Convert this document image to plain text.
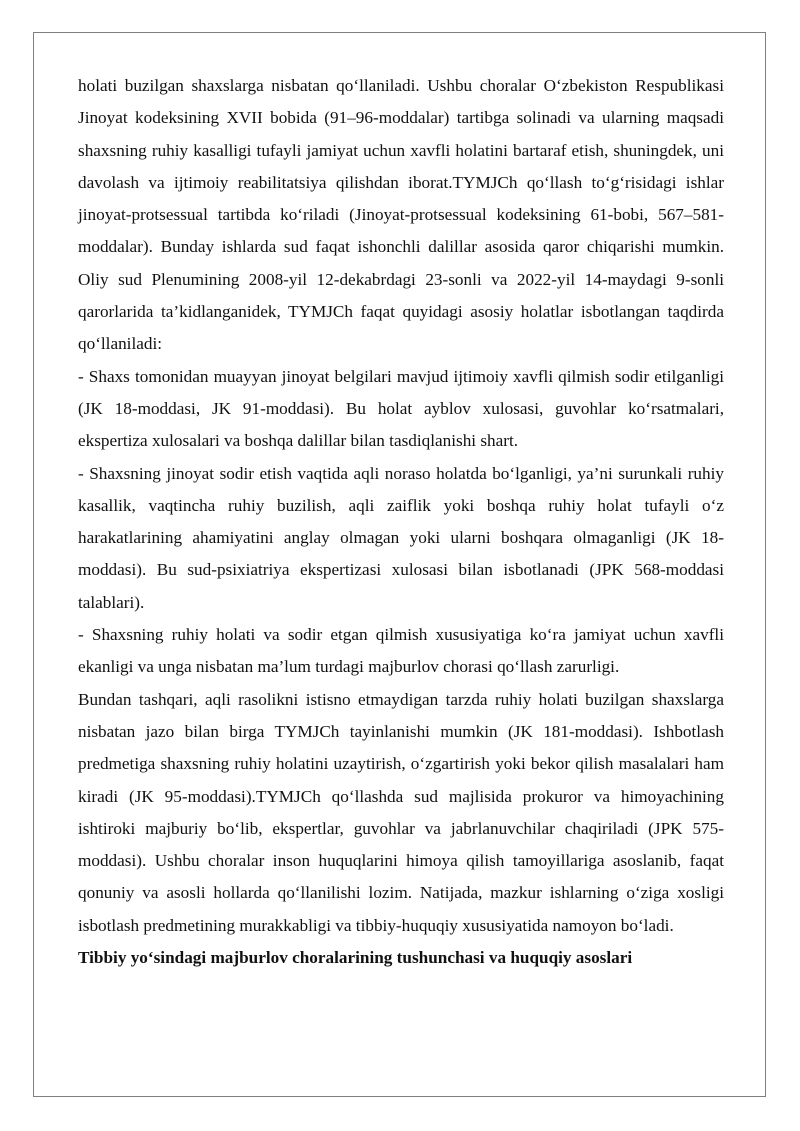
holati buzilgan shaxslarga nisbatan qo‘llaniladi. Ushbu choralar O‘zbekiston Respublikasi Jinoyat kodeksining XVII bobida (91–96-moddalar) tartibga solinadi va ularning maqsadi shaxsning ruhiy kasalligi tufayli jamiyat uchun xavfli holatini bartaraf etish, shuningdek, uni davolash va ijtimoiy reabilitatsiya qilishdan iborat.TYMJCh qo‘llash to‘g‘risidagi ishlar jinoyat-protsessual tartibda ko‘riladi (Jinoyat-protsessual kodeksining 61-bobi, 567–581-moddalar). Bunday ishlarda sud faqat ishonchli dalillar asosida qaror chiqarishi mumkin. Oliy sud Plenumining 2008-yil 12-dekabrdagi 23-sonli va 2022-yil 14-maydagi 9-sonli qarorlarida ta’kidlanganidek, TYMJCh faqat quyidagi asosiy holatlar isbotlangan taqdirda qo‘llaniladi:

- Shaxs tomonidan muayyan jinoyat belgilari mavjud ijtimoiy xavfli qilmish sodir etilganligi (JK 18-moddasi, JK 91-moddasi). Bu holat ayblov xulosasi, guvohlar ko‘rsatmalari, ekspertiza xulosalari va boshqa dalillar bilan tasdiqlanishi shart.

- Shaxsning jinoyat sodir etish vaqtida aqli noraso holatda bo‘lganligi, ya’ni surunkali ruhiy kasallik, vaqtincha ruhiy buzilish, aqli zaiflik yoki boshqa ruhiy holat tufayli o‘z harakatlarining ahamiyatini anglay olmagan yoki ularni boshqara olmaganligi (JK 18-moddasi). Bu sud-psixiatriya ekspertizasi xulosasi bilan isbotlanadi (JPK 568-moddasi talablari).

- Shaxsning ruhiy holati va sodir etgan qilmish xususiyatiga ko‘ra jamiyat uchun xavfli ekanligi va unga nisbatan ma’lum turdagi majburlov chorasi qo‘llash zarurligi.

Bundan tashqari, aqli rasolikni istisno etmaydigan tarzda ruhiy holati buzilgan shaxslarga nisbatan jazo bilan birga TYMJCh tayinlanishi mumkin (JK 181-moddasi). Ishbotlash predmetiga shaxsning ruhiy holatini uzaytirish, o‘zgartirish yoki bekor qilish masalalari ham kiradi (JK 95-moddasi).TYMJCh qo‘llashda sud majlisida prokuror va himoyachining ishtiroki majburiy bo‘lib, ekspertlar, guvohlar va jabrlanuvchilar chaqiriladi (JPK 575-moddasi). Ushbu choralar inson huquqlarini himoya qilish tamoyillariga asoslanib, faqat qonuniy va asosli hollarda qo‘llanilishi lozim. Natijada, mazkur ishlarning o‘ziga xosligi isbotlash predmetining murakkabligi va tibbiy-huquqiy xususiyatida namoyon bo‘ladi.

Tibbiy yo‘sindagi majburlov choralarining tushunchasi va huquqiy asoslari
